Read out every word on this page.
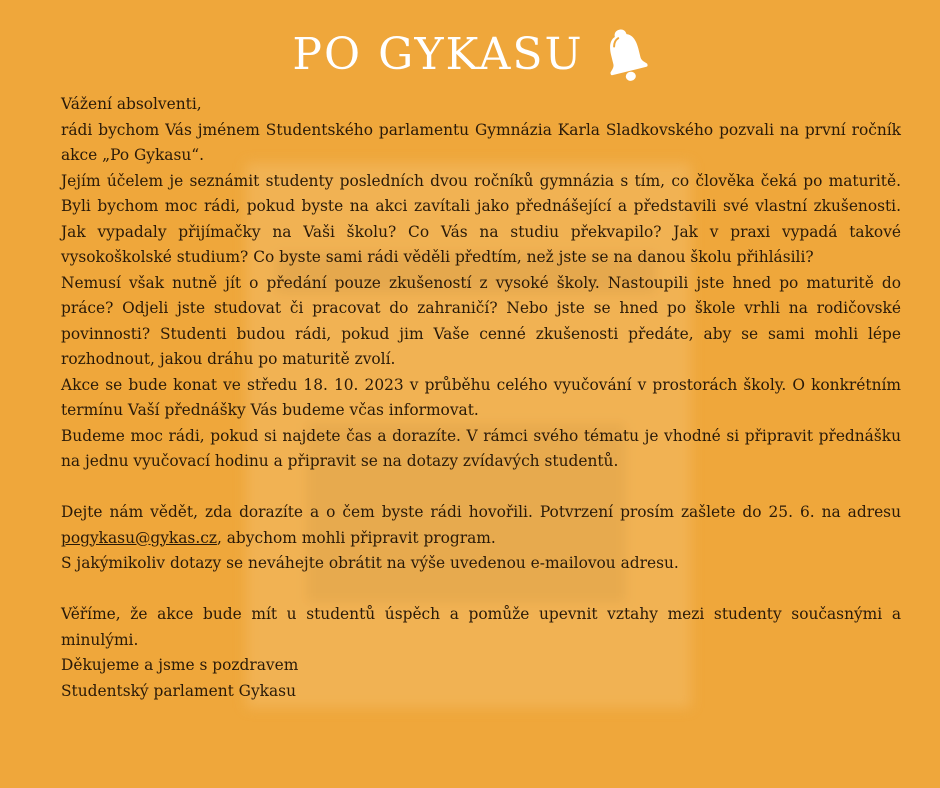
PO GYKASU

Vážení absolventi,

rádi bychom Vás jménem Studentského parlamentu Gymnázia Karla Sladkovského pozvali na první ročník akce „Po Gykasu“.

Jejím účelem je seznámit studenty posledních dvou ročníků gymnázia s tím, co člověka čeká po maturitě. Byli bychom moc rádi, pokud byste na akci zavítali jako přednášející a představili své vlastní zkušenosti. Jak vypadaly přijímačky na Vaši školu? Co Vás na studiu překvapilo? Jak v praxi vypadá takové vysokoškolské studium? Co byste sami rádi věděli předtím, než jste se na danou školu přihlásili?

Nemusí však nutně jít o předání pouze zkušeností z vysoké školy. Nastoupili jste hned po maturitě do práce? Odjeli jste studovat či pracovat do zahraničí? Nebo jste se hned po škole vrhli na rodičovské povinnosti? Studenti budou rádi, pokud jim Vaše cenné zkušenosti předáte, aby se sami mohli lépe rozhodnout, jakou dráhu po maturitě zvolí.

Akce se bude konat ve středu 18. 10. 2023 v průběhu celého vyučování v prostorách školy. O konkrétním termínu Vaší přednášky Vás budeme včas informovat.

Budeme moc rádi, pokud si najdete čas a dorazíte. V rámci svého tématu je vhodné si připravit přednášku na jednu vyučovací hodinu a připravit se na dotazy zvídavých studentů.

Dejte nám vědět, zda dorazíte a o čem byste rádi hovořili. Potvrzení prosím zašlete do 25. 6. na adresu pogykasu@gykas.cz, abychom mohli připravit program.

S jakýmikoliv dotazy se neváhejte obrátit na výše uvedenou e-mailovou adresu.

Věříme, že akce bude mít u studentů úspěch a pomůže upevnit vztahy mezi studenty současnými a minulými.

Děkujeme a jsme s pozdravem

Studentský parlament Gykasu
